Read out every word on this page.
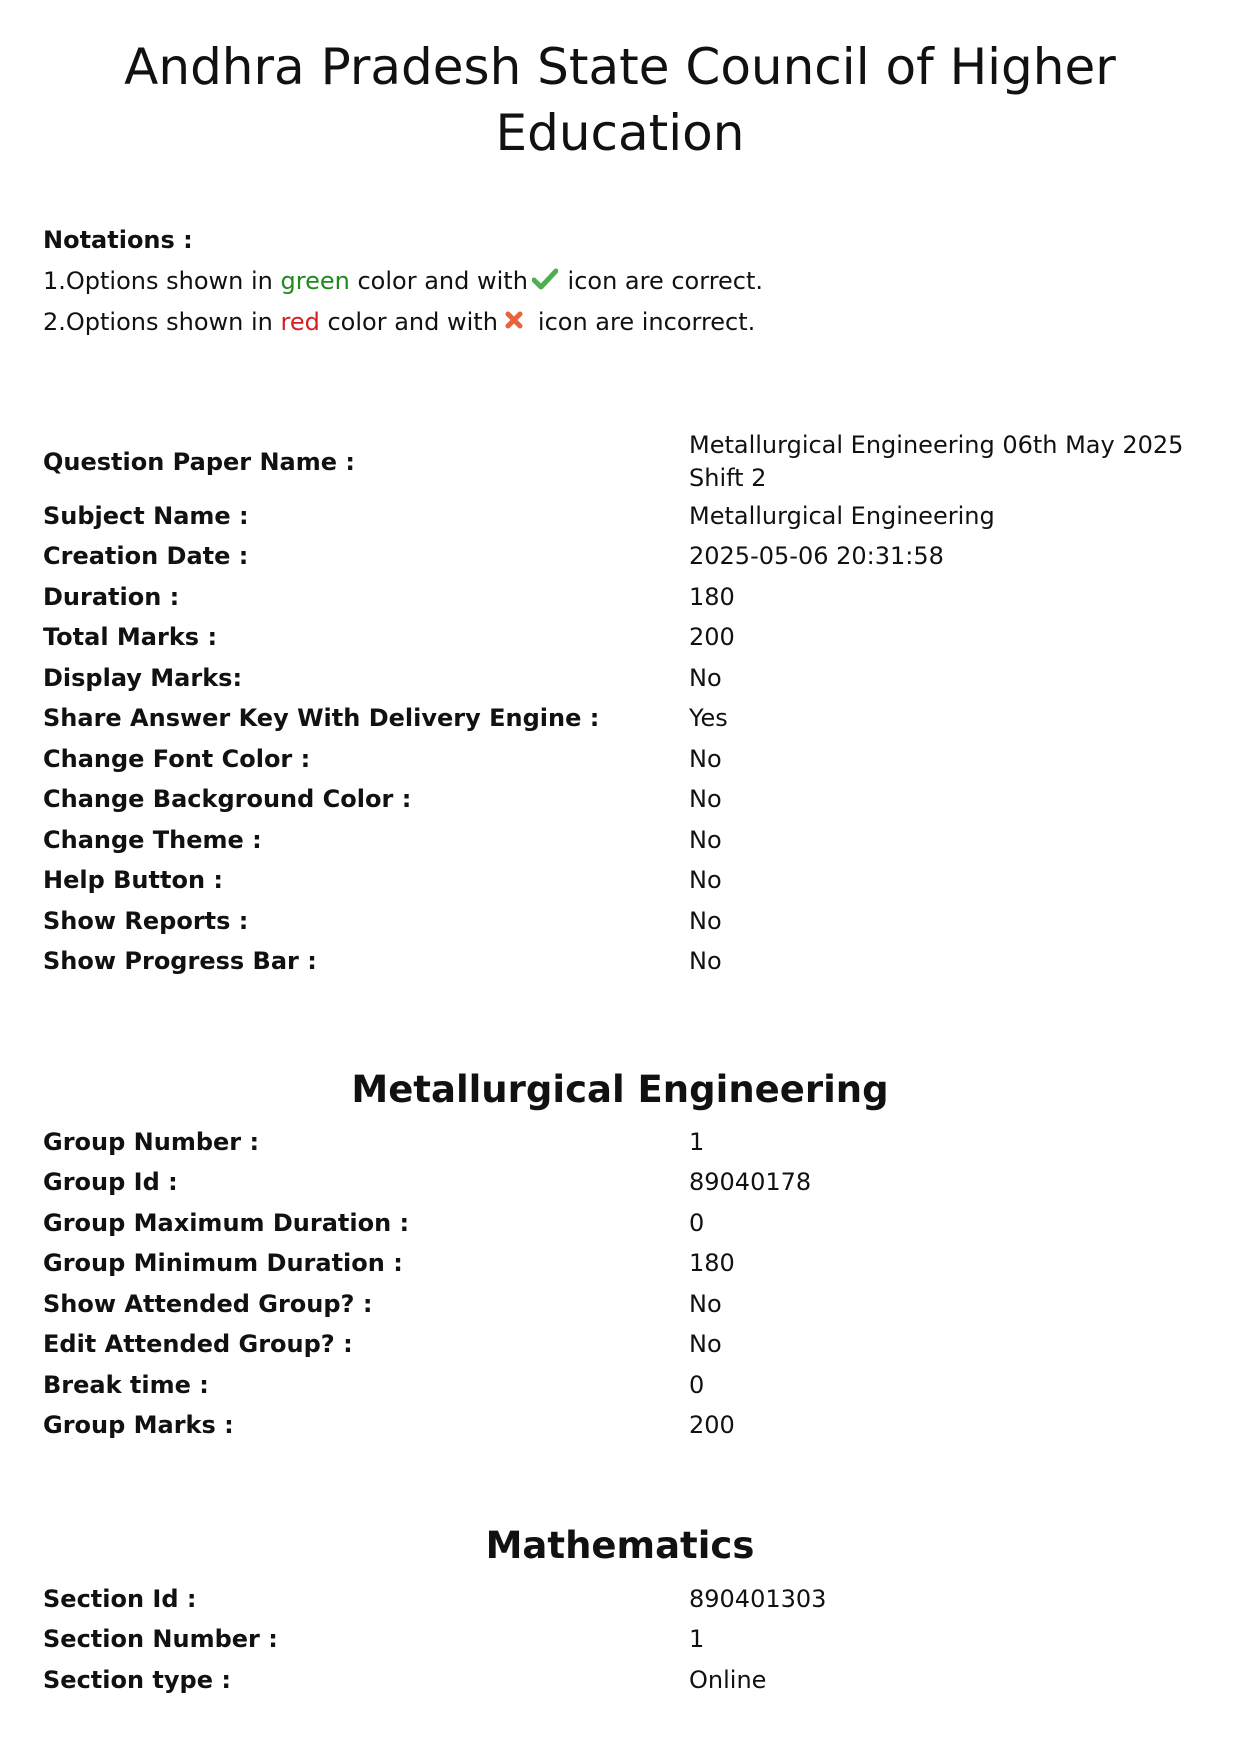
Andhra Pradesh State Council of Higher Education
Notations :
1.Options shown in green color and with icon are correct.
2.Options shown in red color and with icon are incorrect.
Question Paper Name :	Metallurgical Engineering 06th May 2025 Shift 2
Subject Name :	Metallurgical Engineering
Creation Date :	2025-05-06 20:31:58
Duration :	180
Total Marks :	200
Display Marks:	No
Share Answer Key With Delivery Engine :	Yes
Change Font Color :	No
Change Background Color :	No
Change Theme :	No
Help Button :	No
Show Reports :	No
Show Progress Bar :	No
Metallurgical Engineering
Group Number :	1
Group Id :	89040178
Group Maximum Duration :	0
Group Minimum Duration :	180
Show Attended Group? :	No
Edit Attended Group? :	No
Break time :	0
Group Marks :	200
Mathematics
Section Id :	890401303
Section Number :	1
Section type :	Online
